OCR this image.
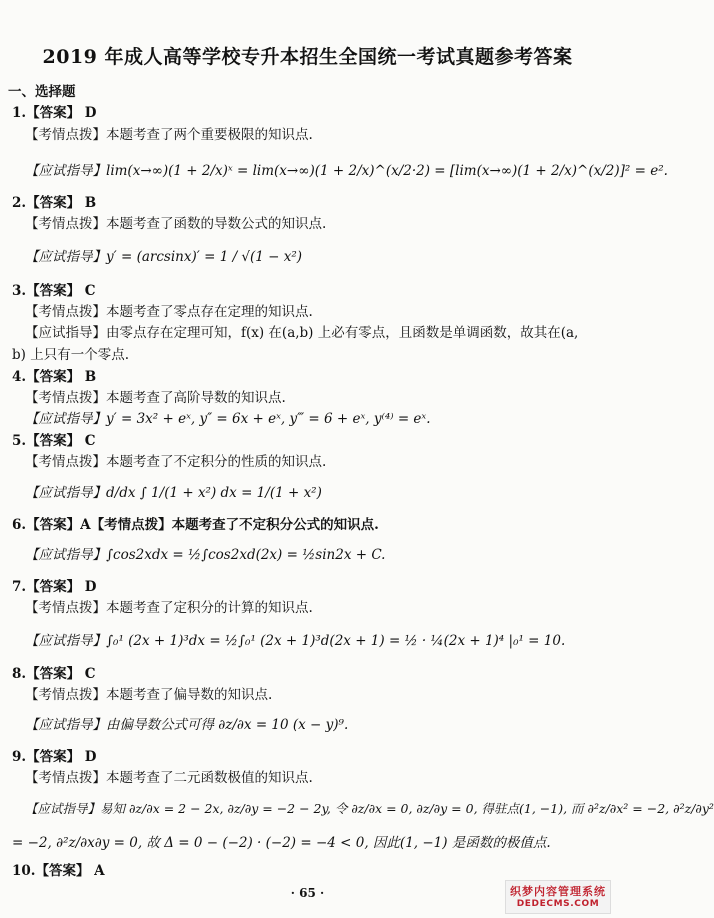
2019 年成人高等学校专升本招生全国统一考试真题参考答案
一、选择题
1.【答案】 D
【考情点拨】本题考查了两个重要极限的知识点.
【应试指导】lim(x→∞)(1 + 2/x)ˣ = lim(x→∞)(1 + 2/x)^(x/2·2) = [lim(x→∞)(1 + 2/x)^(x/2)]² = e².
2.【答案】 B
【考情点拨】本题考查了函数的导数公式的知识点.
【应试指导】y′ = (arcsinx)′ = 1 / √(1 − x²)
3.【答案】 C
【考情点拨】本题考查了零点存在定理的知识点.
【应试指导】由零点存在定理可知，f(x) 在(a,b) 上必有零点，且函数是单调函数，故其在(a,
b) 上只有一个零点.
4.【答案】 B
【考情点拨】本题考查了高阶导数的知识点.
【应试指导】y′ = 3x² + eˣ, y″ = 6x + eˣ, y‴ = 6 + eˣ, y⁽⁴⁾ = eˣ.
5.【答案】 C
【考情点拨】本题考查了不定积分的性质的知识点.
【应试指导】d/dx ∫ 1/(1 + x²) dx = 1/(1 + x²)
6.【答案】A【考情点拨】本题考查了不定积分公式的知识点.
【应试指导】∫cos2xdx = ½∫cos2xd(2x) = ½sin2x + C.
7.【答案】 D
【考情点拨】本题考查了定积分的计算的知识点.
【应试指导】∫₀¹ (2x + 1)³dx = ½∫₀¹ (2x + 1)³d(2x + 1) = ½ · ¼(2x + 1)⁴ |₀¹ = 10.
8.【答案】 C
【考情点拨】本题考查了偏导数的知识点.
【应试指导】由偏导数公式可得 ∂z/∂x = 10 (x − y)⁹.
9.【答案】 D
【考情点拨】本题考查了二元函数极值的知识点.
【应试指导】易知 ∂z/∂x = 2 − 2x, ∂z/∂y = −2 − 2y, 令 ∂z/∂x = 0, ∂z/∂y = 0, 得驻点(1, −1), 而 ∂²z/∂x² = −2, ∂²z/∂y²
= −2, ∂²z/∂x∂y = 0, 故 Δ = 0 − (−2) · (−2) = −4 < 0, 因此(1, −1) 是函数的极值点.
10.【答案】 A
· 65 ·	织梦内容管理系统
DEDECMS.COM
